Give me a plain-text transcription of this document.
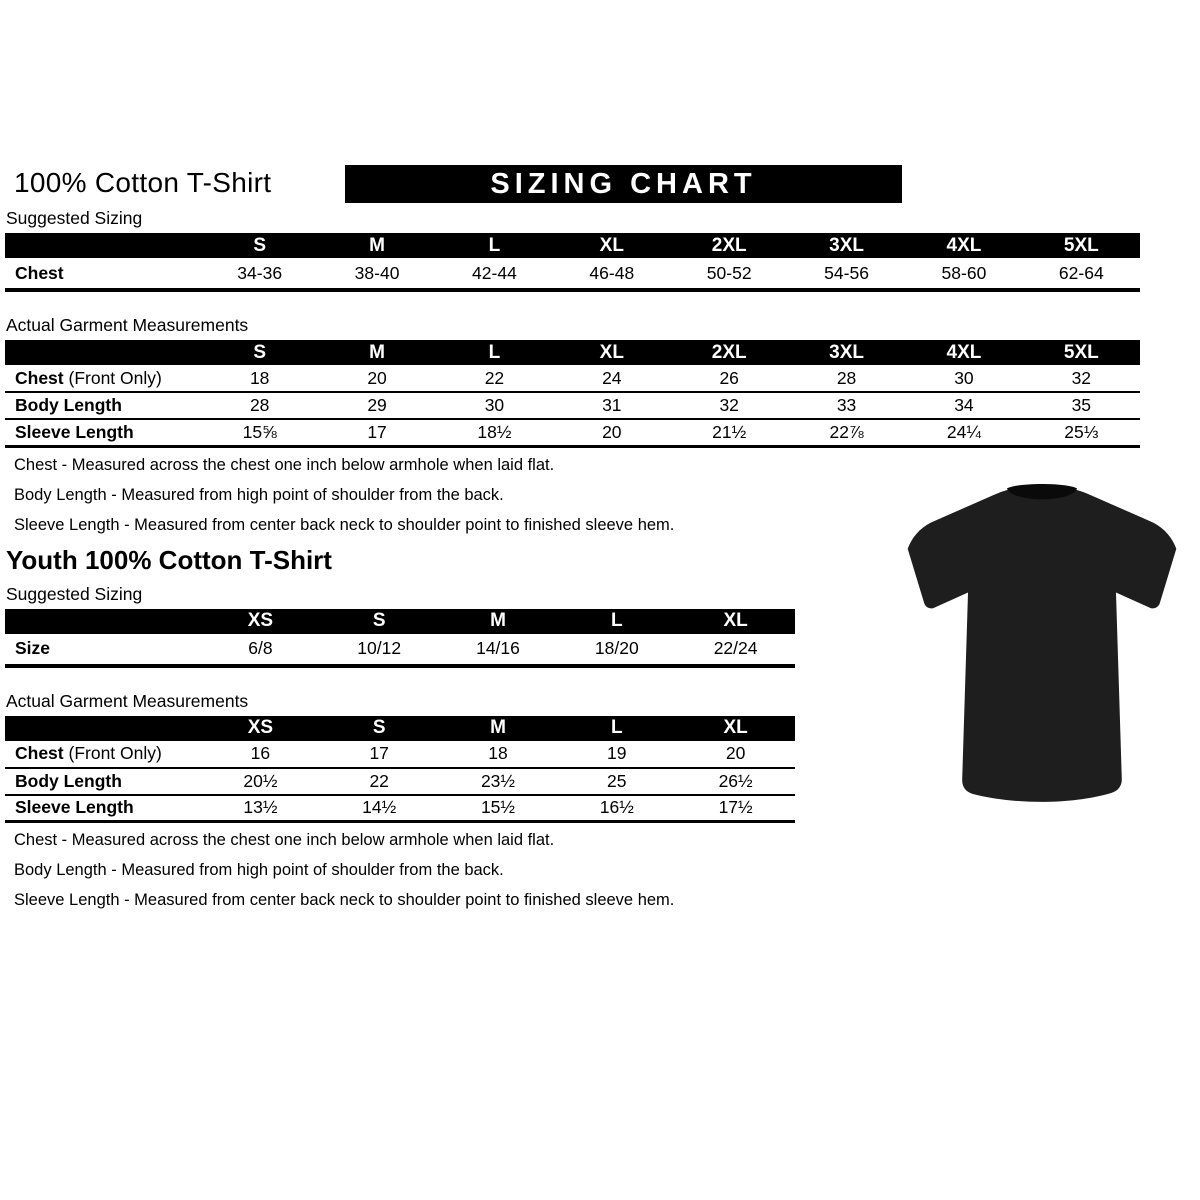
100% Cotton T-Shirt	SIZING CHART

Suggested Sizing

	S	M	L	XL	2XL	3XL	4XL	5XL
Chest	34-36	38-40	42-44	46-48	50-52	54-56	58-60	62-64

Actual Garment Measurements

	S	M	L	XL	2XL	3XL	4XL	5XL
Chest (Front Only)	18	20	22	24	26	28	30	32
Body Length	28	29	30	31	32	33	34	35
Sleeve Length	15⅝	17	18½	20	21½	22⅞	24¼	25⅓

Chest - Measured across the chest one inch below armhole when laid flat.

Body Length - Measured from high point of shoulder from the back.

Sleeve Length - Measured from center back neck to shoulder point to finished sleeve hem.

Youth 100% Cotton T-Shirt

Suggested Sizing

	XS	S	M	L	XL
Size	6/8	10/12	14/16	18/20	22/24

Actual Garment Measurements

	XS	S	M	L	XL
Chest (Front Only)	16	17	18	19	20
Body Length	20½	22	23½	25	26½
Sleeve Length	13½	14½	15½	16½	17½

Chest - Measured across the chest one inch below armhole when laid flat.

Body Length - Measured from high point of shoulder from the back.

Sleeve Length - Measured from center back neck to shoulder point to finished sleeve hem.
